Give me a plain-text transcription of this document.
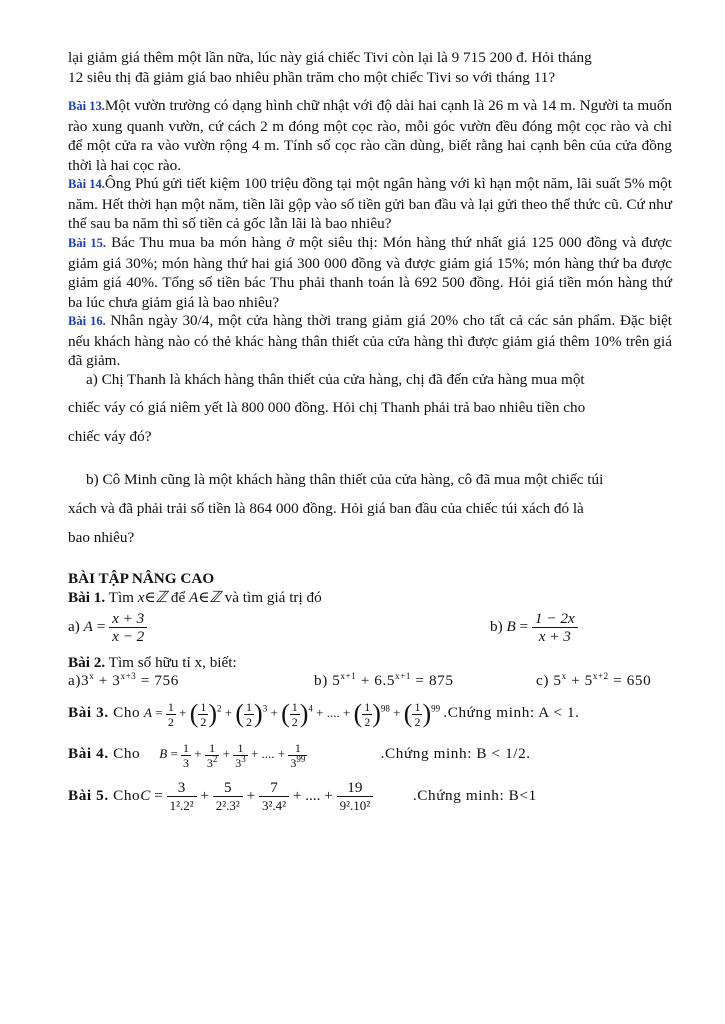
lại giảm giá thêm một lần nữa, lúc này giá chiếc Tivi còn lại là 9 715 200 đ. Hỏi tháng

12 siêu thị đã giảm giá bao nhiêu phần trăm cho một chiếc Tivi so với tháng 11?

Bài 13.Một vườn trường có dạng hình chữ nhật với độ dài hai cạnh là 26 m và 14 m. Người ta muốn rào xung quanh vườn, cứ cách 2 m đóng một cọc rào, mỗi góc vườn đều đóng một cọc rào và chỉ để một cửa ra vào vườn rộng 4 m. Tính số cọc rào cần dùng, biết rằng hai cạnh bên của cửa đồng thời là hai cọc rào.

Bài 14.Ông Phú gửi tiết kiệm 100 triệu đồng tại một ngân hàng với kì hạn một năm, lãi suất 5% một năm. Hết thời hạn một năm, tiền lãi gộp vào số tiền gửi ban đầu và lại gửi theo thể thức cũ. Cứ như thế sau ba năm thì số tiền cả gốc lẫn lãi là bao nhiêu?

Bài 15. Bác Thu mua ba món hàng ở một siêu thị: Món hàng thứ nhất giá 125 000 đồng và được giảm giá 30%; món hàng thứ hai giá 300 000 đồng và được giảm giá 15%; món hàng thứ ba được giảm giá 40%. Tổng số tiền bác Thu phải thanh toán là 692 500 đồng. Hỏi giá tiền món hàng thứ ba lúc chưa giảm giá là bao nhiêu?

Bài 16. Nhân ngày 30/4, một cửa hàng thời trang giảm giá 20% cho tất cả các sản phẩm. Đặc biệt nếu khách hàng nào có thẻ khác hàng thân thiết của cửa hàng thì được giảm giá thêm 10% trên giá đã giảm.

a) Chị Thanh là khách hàng thân thiết của cửa hàng, chị đã đến cửa hàng mua một
chiếc váy có giá niêm yết là 800 000 đồng. Hỏi chị Thanh phải trả bao nhiêu tiền cho
chiếc váy đó?
b) Cô Minh cũng là một khách hàng thân thiết của cửa hàng, cô đã mua một chiếc túi
xách và đã phải trải số tiền là 864 000 đồng. Hỏi giá ban đầu của chiếc túi xách đó là
bao nhiêu?
BÀI TẬP NÂNG CAO
Bài 1. Tìm x∈ℤ để A∈ℤ và tìm giá trị đó
a) $A = \frac{x + 3}{x - 2}$	b) $B = \frac{1 - 2x}{x + 3}$
Bài 2. Tìm số hữu tỉ x, biết:
$a)3^x + 3^{x+3} = 756$	b) $5^{x+1} + 6.5^{x+1} = 875$	c) $5^x + 5^{x+2} = 650$
Bài 3. Cho $A = \frac{1}{2}$ + ( $\frac{1}{2} )^2$ + ( $\frac{1}{2} )^3$ + ( $\frac{1}{2} )^4$ + .... + ( $\frac{1}{2} )^{98}$ + ( $\frac{1}{2} )^{99}$ .Chứng minh: A < 1.
Bài 4. Cho $B = \frac{1}{3} + \frac{1}{3^2} + \frac{1}{3^3}$ + .... + $\frac{1}{3^{99}}$	.Chứng minh: B < 1/2.
Bài 5. ChoC = $\frac{3}{\text{1².2²}} + \frac{5}{\text{2².3²}} + \frac{7}{\text{3².4²}}$ + .... + $\frac{19}{\text{9².10²}}$	.Chứng minh: B<1
